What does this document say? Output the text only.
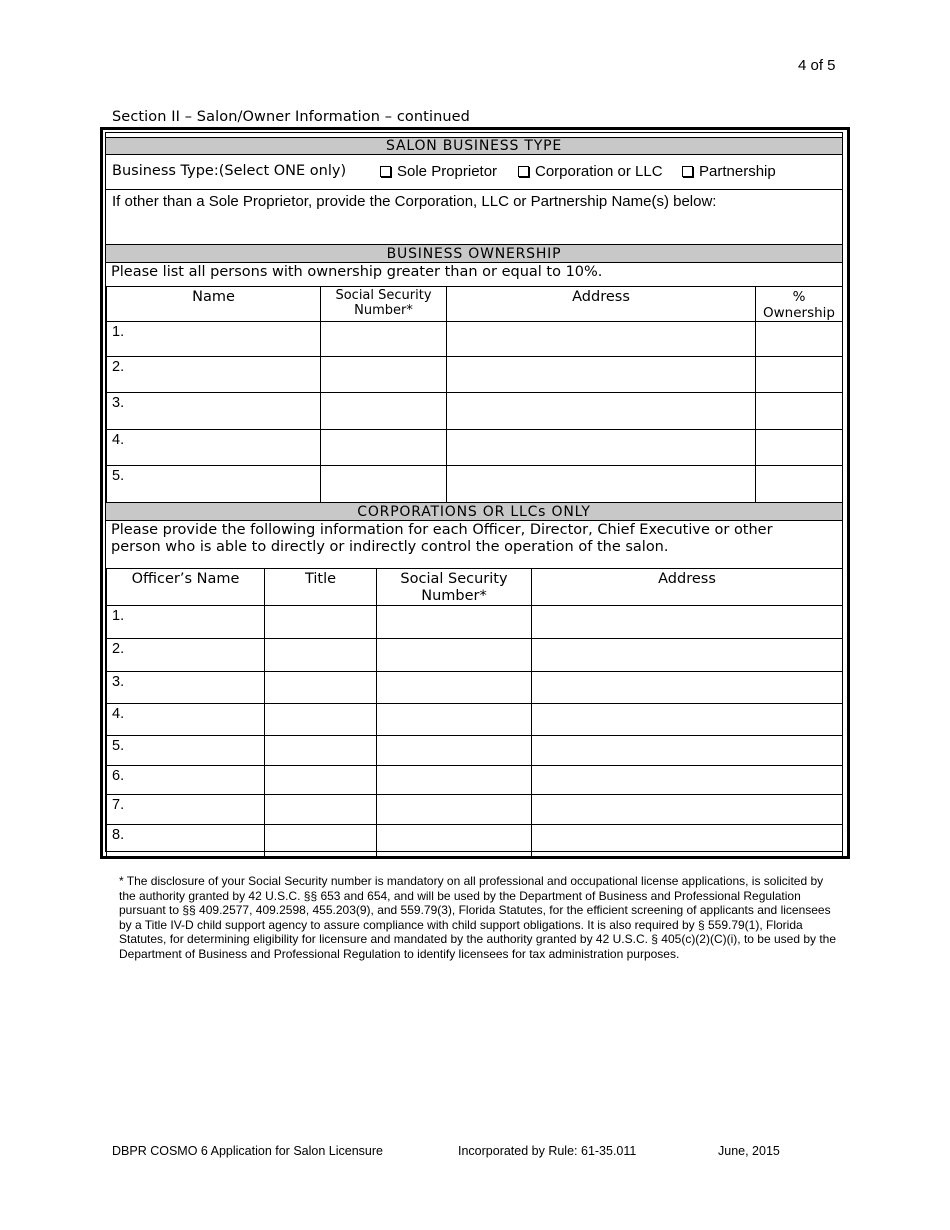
4 of 5
Section II – Salon/Owner Information – continued
SALON BUSINESS TYPE
Business Type:(Select ONE only)	Sole Proprietor	Corporation or LLC Partnership
If other than a Sole Proprietor, provide the Corporation, LLC or Partnership Name(s) below:
BUSINESS OWNERSHIP
Please list all persons with ownership greater than or equal to 10%.
Name	Social Security Number*	Address	% Ownership
1.			
2.			
3.			
4.			
5.			
CORPORATIONS OR LLCs ONLY
Please provide the following information for each Officer, Director, Chief Executive or other person who is able to directly or indirectly control the operation of the salon.
Officer’s Name	Title	Social Security Number*	Address
1.			
2.			
3.			
4.			
5.			
6.			
7.			
8.			
* The disclosure of your Social Security number is mandatory on all professional and occupational license applications, is solicited by the authority granted by 42 U.S.C. §§ 653 and 654, and will be used by the Department of Business and Professional Regulation pursuant to §§ 409.2577, 409.2598, 455.203(9), and 559.79(3), Florida Statutes, for the efficient screening of applicants and licensees by a Title IV-D child support agency to assure compliance with child support obligations. It is also required by § 559.79(1), Florida Statutes, for determining eligibility for licensure and mandated by the authority granted by 42 U.S.C. § 405(c)(2)(C)(i), to be used by the Department of Business and Professional Regulation to identify licensees for tax administration purposes.
DBPR COSMO 6 Application for Salon Licensure	Incorporated by Rule: 61-35.011	June, 2015
